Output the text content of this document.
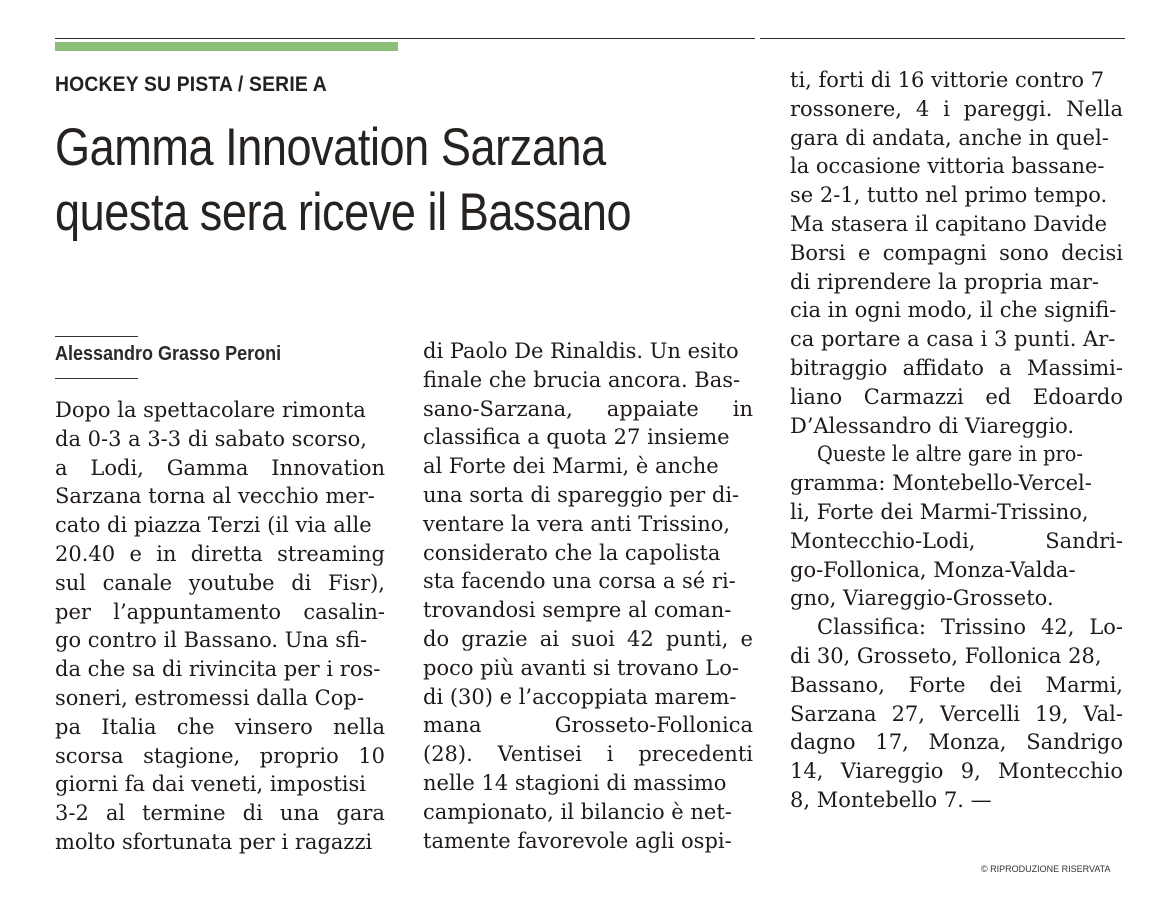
HOCKEY SU PISTA / SERIE A
Gamma Innovation Sarzana
questa sera riceve il Bassano
Alessandro Grasso Peroni
Dopo la spettacolare rimonta
da 0-3 a 3-3 di sabato scorso,
a Lodi, Gamma Innovation
Sarzana torna al vecchio mer-
cato di piazza Terzi (il via alle
20.40 e in diretta streaming
sul canale youtube di Fisr),
per l’appuntamento casalin-
go contro il Bassano. Una sfi-
da che sa di rivincita per i ros-
soneri, estromessi dalla Cop-
pa Italia che vinsero nella
scorsa stagione, proprio 10
giorni fa dai veneti, impostisi
3-2 al termine di una gara
molto sfortunata per i ragazzi
di Paolo De Rinaldis. Un esito
finale che brucia ancora. Bas-
sano-Sarzana, appaiate in
classifica a quota 27 insieme
al Forte dei Marmi, è anche
una sorta di spareggio per di-
ventare la vera anti Trissino,
considerato che la capolista
sta facendo una corsa a sé ri-
trovandosi sempre al coman-
do grazie ai suoi 42 punti, e
poco più avanti si trovano Lo-
di (30) e l’accoppiata marem-
mana	Grosseto-Follonica
(28). Ventisei i precedenti
nelle 14 stagioni di massimo
campionato, il bilancio è net-
tamente favorevole agli ospi-
ti, forti di 16 vittorie contro 7
rossonere, 4 i pareggi. Nella
gara di andata, anche in quel-
la occasione vittoria bassane-
se 2-1, tutto nel primo tempo.
Ma stasera il capitano Davide
Borsi e compagni sono decisi
di riprendere la propria mar-
cia in ogni modo, il che signifi-
ca portare a casa i 3 punti. Ar-
bitraggio affidato a Massimi-
liano Carmazzi ed Edoardo
D’Alessandro di Viareggio.
Queste le altre gare in pro-
gramma: Montebello-Vercel-
li, Forte dei Marmi-Trissino,
Montecchio-Lodi,	Sandri-
go-Follonica, Monza-Valda-
gno, Viareggio-Grosseto.
Classifica: Trissino 42, Lo-
di 30, Grosseto, Follonica 28,
Bassano, Forte dei Marmi,
Sarzana 27, Vercelli 19, Val-
dagno 17, Monza, Sandrigo
14, Viareggio 9, Montecchio
8, Montebello 7. —
© RIPRODUZIONE RISERVATA
